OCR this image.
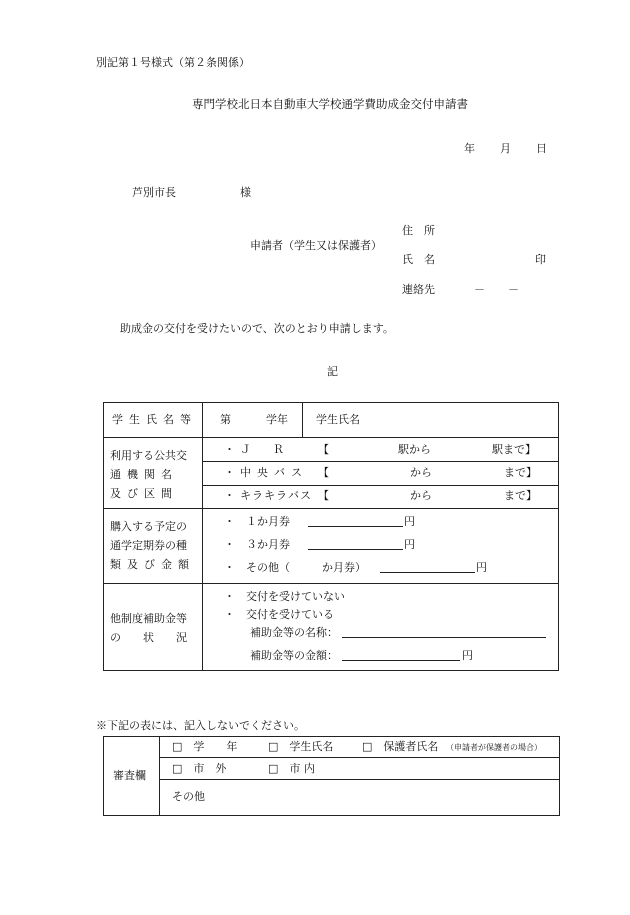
別記第１号様式（第２条関係）
専門学校北日本自動車大学校通学費助成金交付申請書
年 月 日
芦別市長	様
住　所
申請者（学生又は保護者）
氏　名	印
連絡先	－ －
助成金の交付を受けたいので、次のとおり申請します。
記
学生氏名等 第	学年	学生氏名
利用する公共交
通機関名
及び区間
・ Ｊ　　Ｒ	【	駅から	駅まで】
・ 中央バス 【	から	まで】
・ キラキラバス 【	から	まで】
購入する予定の
通学定期券の種
類及び金額
・　１か月券	円
・　３か月券	円
・　その他（	か月券）	円
他制度補助金等
の　　状　　況
・　交付を受けていない
・　交付を受けている
補助金等の名称：
補助金等の金額：	円
※下記の表には、記入しないでください。
審査欄
□　学　　年	□　学生氏名	□　保護者氏名 （申請者が保護者の場合）
□　市　外	□　市 内
その他
